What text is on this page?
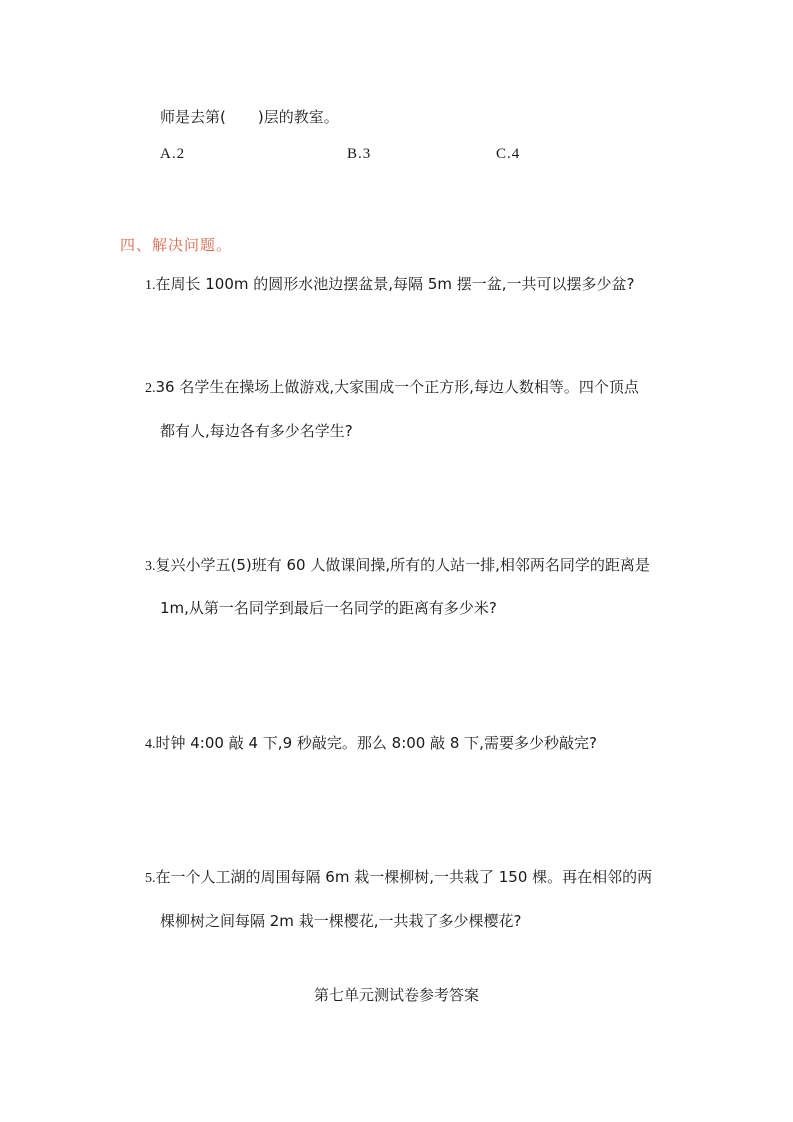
师是去第( )层的教室。
A.2	B.3	C.4
四、解决问题。
1.在周长 100m 的圆形水池边摆盆景,每隔 5m 摆一盆,一共可以摆多少盆?
2.36 名学生在操场上做游戏,大家围成一个正方形,每边人数相等。四个顶点
都有人,每边各有多少名学生?
3.复兴小学五(5)班有 60 人做课间操,所有的人站一排,相邻两名同学的距离是
1m,从第一名同学到最后一名同学的距离有多少米?
4.时钟 4:00 敲 4 下,9 秒敲完。那么 8:00 敲 8 下,需要多少秒敲完?
5.在一个人工湖的周围每隔 6m 栽一棵柳树,一共栽了 150 棵。再在相邻的两
棵柳树之间每隔 2m 栽一棵樱花,一共栽了多少棵樱花?
第七单元测试卷参考答案
